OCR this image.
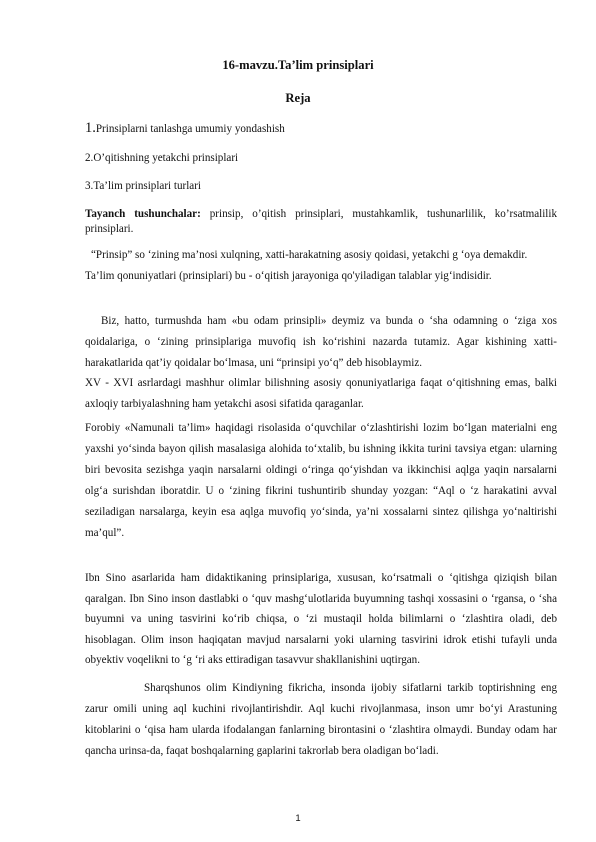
16-mavzu.Ta’lim prinsiplari
Reja

1.Prinsiplarni tanlashga umumiy yondashish

2.O’qitishning yetakchi prinsiplari

3.Ta’lim prinsiplari turlari

Tayanch tushunchalar: prinsip, o’qitish prinsiplari, mustahkamlik, tushunarlilik, ko’rsatmalilik prinsiplari.

“Prinsip” so ‘zining ma’nosi xulqning, xatti-harakatning asosiy qoidasi, yetakchi g ‘oya demakdir. Ta’lim qonuniyatlari (prinsiplari) bu - o‘qitish jarayoniga qo'yiladigan talablar yig‘indisidir.

Biz, hatto, turmushda ham «bu odam prinsipli» deymiz va bunda o ‘sha odamning o ‘ziga xos qoidalariga, o ‘zining prinsiplariga muvofiq ish ko‘rishini nazarda tutamiz. Agar kishining xatti-harakatlarida qat’iy qoidalar bo‘lmasa, uni “prinsipi yo‘q” deb hisoblaymiz.

XV - XVI asrlardagi mashhur olimlar bilishning asosiy qonuniyatlariga faqat o‘qitishning emas, balki axloqiy tarbiyalashning ham yetakchi asosi sifatida qaraganlar.

Forobiy «Namunali ta’lim» haqidagi risolasida o‘quvchilar o‘zlashtirishi lozim bo‘lgan materialni eng yaxshi yo‘sinda bayon qilish masalasiga alohida to‘xtalib, bu ishning ikkita turini tavsiya etgan: ularning biri bevosita sezishga yaqin narsalarni oldingi o‘ringa qo‘yishdan va ikkinchisi aqlga yaqin narsalarni olg‘a surishdan iboratdir. U o ‘zining fikrini tushuntirib shunday yozgan: “Aql o ‘z harakatini avval seziladigan narsalarga, keyin esa aqlga muvofiq yo‘sinda, ya’ni xossalarni sintez qilishga yo‘naltirishi ma’qul”.

Ibn Sino asarlarida ham didaktikaning prinsiplariga, xususan, ko‘rsatmali o ‘qitishga qiziqish bilan qaralgan. Ibn Sino inson dastlabki o ‘quv mashg‘ulotlarida buyumning tashqi xossasini o ‘rgansa, o ‘sha buyumni va uning tasvirini ko‘rib chiqsa, o ‘zi mustaqil holda bilimlarni o ‘zlashtira oladi, deb hisoblagan. Olim inson haqiqatan mavjud narsalarni yoki ularning tasvirini idrok etishi tufayli unda obyektiv voqelikni to ‘g ‘ri aks ettiradigan tasavvur shakllanishini uqtirgan.

Sharqshunos olim Kindiyning fikricha, insonda ijobiy sifatlarni tarkib toptirishning eng zarur omili uning aql kuchini rivojlantirishdir. Aql kuchi rivojlanmasa, inson umr bo‘yi Arastuning kitoblarini o ‘qisa ham ularda ifodalangan fanlarning birontasini o ‘zlashtira olmaydi. Bunday odam har qancha urinsa-da, faqat boshqalarning gaplarini takrorlab bera oladigan bo‘ladi.

1
